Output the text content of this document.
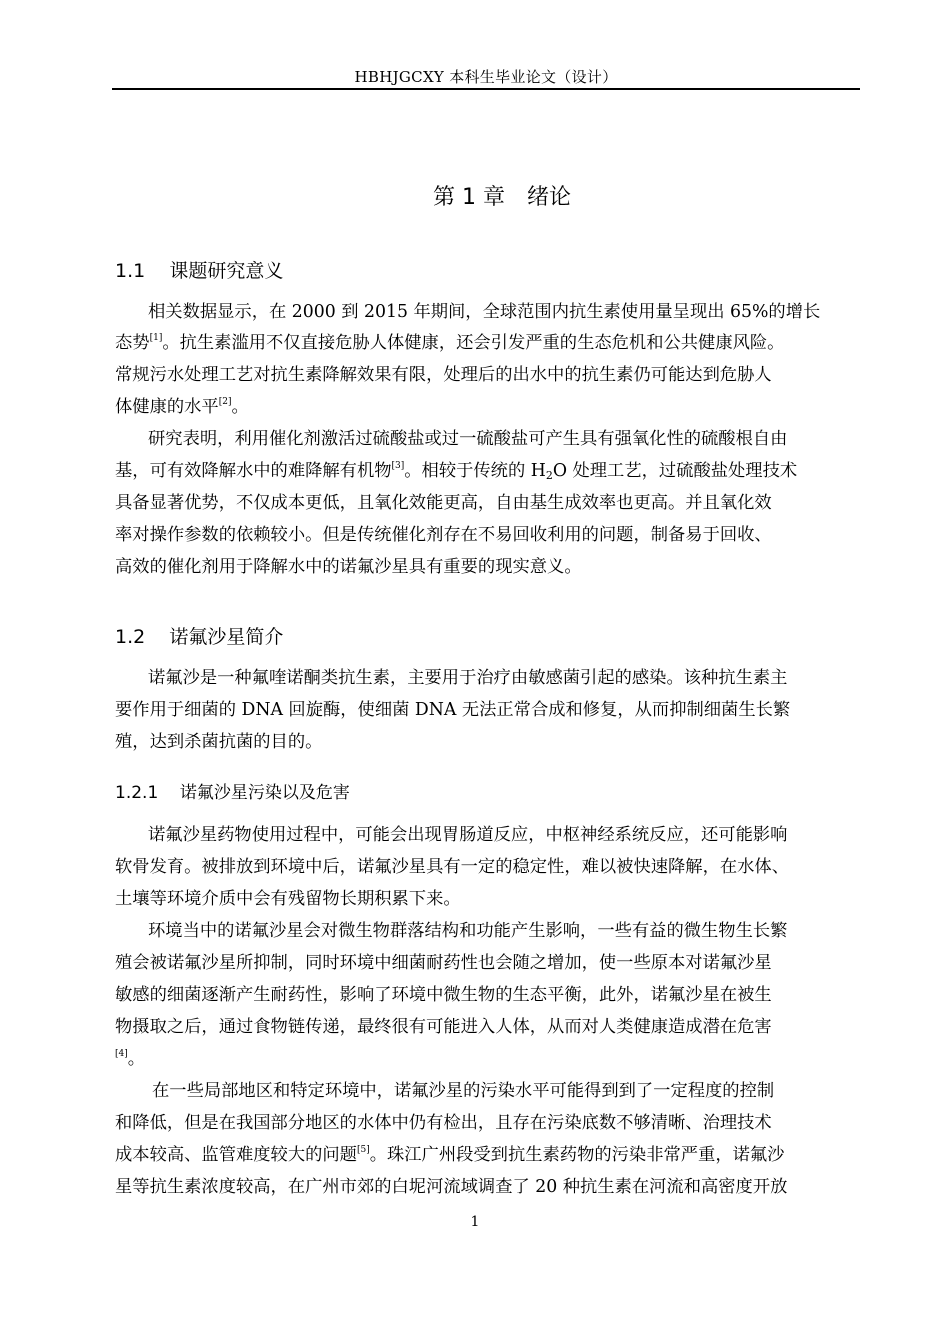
HBHJGCXY 本科生毕业论文（设计）
第 1 章　绪论
1.1 课题研究意义
相关数据显示，在 2000 到 2015 年期间，全球范围内抗生素使用量呈现出 65%的增长
态势[1]。抗生素滥用不仅直接危胁人体健康，还会引发严重的生态危机和公共健康风险。
常规污水处理工艺对抗生素降解效果有限，处理后的出水中的抗生素仍可能达到危胁人
体健康的水平[2]。
研究表明，利用催化剂激活过硫酸盐或过一硫酸盐可产生具有强氧化性的硫酸根自由
基，可有效降解水中的难降解有机物[3]。相较于传统的 $H_2O$ 处理工艺，过硫酸盐处理技术
具备显著优势，不仅成本更低，且氧化效能更高，自由基生成效率也更高。并且氧化效
率对操作参数的依赖较小。但是传统催化剂存在不易回收利用的问题，制备易于回收、
高效的催化剂用于降解水中的诺氟沙星具有重要的现实意义。
1.2 诺氟沙星简介
诺氟沙是一种氟喹诺酮类抗生素，主要用于治疗由敏感菌引起的感染。该种抗生素主
要作用于细菌的 DNA 回旋酶，使细菌 DNA 无法正常合成和修复，从而抑制细菌生长繁
殖，达到杀菌抗菌的目的。
1.2.1 诺氟沙星污染以及危害
诺氟沙星药物使用过程中，可能会出现胃肠道反应，中枢神经系统反应，还可能影响
软骨发育。被排放到环境中后，诺氟沙星具有一定的稳定性，难以被快速降解，在水体、
土壤等环境介质中会有残留物长期积累下来。
环境当中的诺氟沙星会对微生物群落结构和功能产生影响，一些有益的微生物生长繁
殖会被诺氟沙星所抑制，同时环境中细菌耐药性也会随之增加，使一些原本对诺氟沙星
敏感的细菌逐渐产生耐药性，影响了环境中微生物的生态平衡，此外，诺氟沙星在被生
物摄取之后，通过食物链传递，最终很有可能进入人体，从而对人类健康造成潜在危害
[4]。
在一些局部地区和特定环境中，诺氟沙星的污染水平可能得到到了一定程度的控制
和降低，但是在我国部分地区的水体中仍有检出，且存在污染底数不够清晰、治理技术
成本较高、监管难度较大的问题[5]。珠江广州段受到抗生素药物的污染非常严重，诺氟沙
星等抗生素浓度较高，在广州市郊的白坭河流域调查了 20 种抗生素在河流和高密度开放
1
